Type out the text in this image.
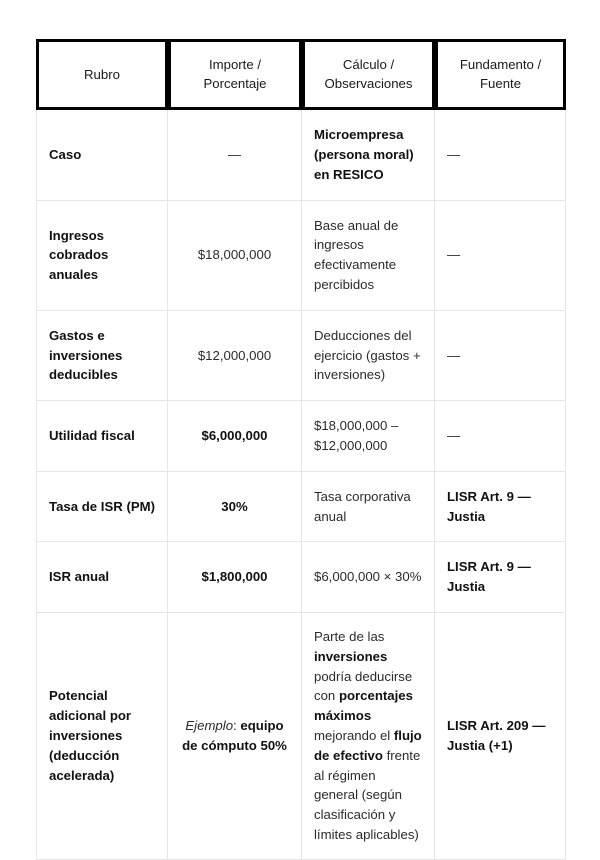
Rubro	Importe / Porcentaje	Cálculo / Observaciones	Fundamento / Fuente
Caso	—	Microempresa (persona moral) en RESICO	—
Ingresos cobrados anuales	$18,000,000	Base anual de ingresos efectivamente percibidos	—
Gastos e inversiones deducibles	$12,000,000	Deducciones del ejercicio (gastos + inversiones)	—
Utilidad fiscal	$6,000,000	$18,000,000 – $12,000,000	—
Tasa de ISR (PM)	30%	Tasa corporativa anual	LISR Art. 9 — Justia
ISR anual	$1,800,000	$6,000,000 × 30%	LISR Art. 9 — Justia
Potencial adicional por inversiones (deducción acelerada)	Ejemplo: equipo de cómputo 50%	Parte de las inversiones podría deducirse con porcentajes máximos mejorando el flujo de efectivo frente al régimen general (según clasificación y límites aplicables)	LISR Art. 209 — Justia (+1)
